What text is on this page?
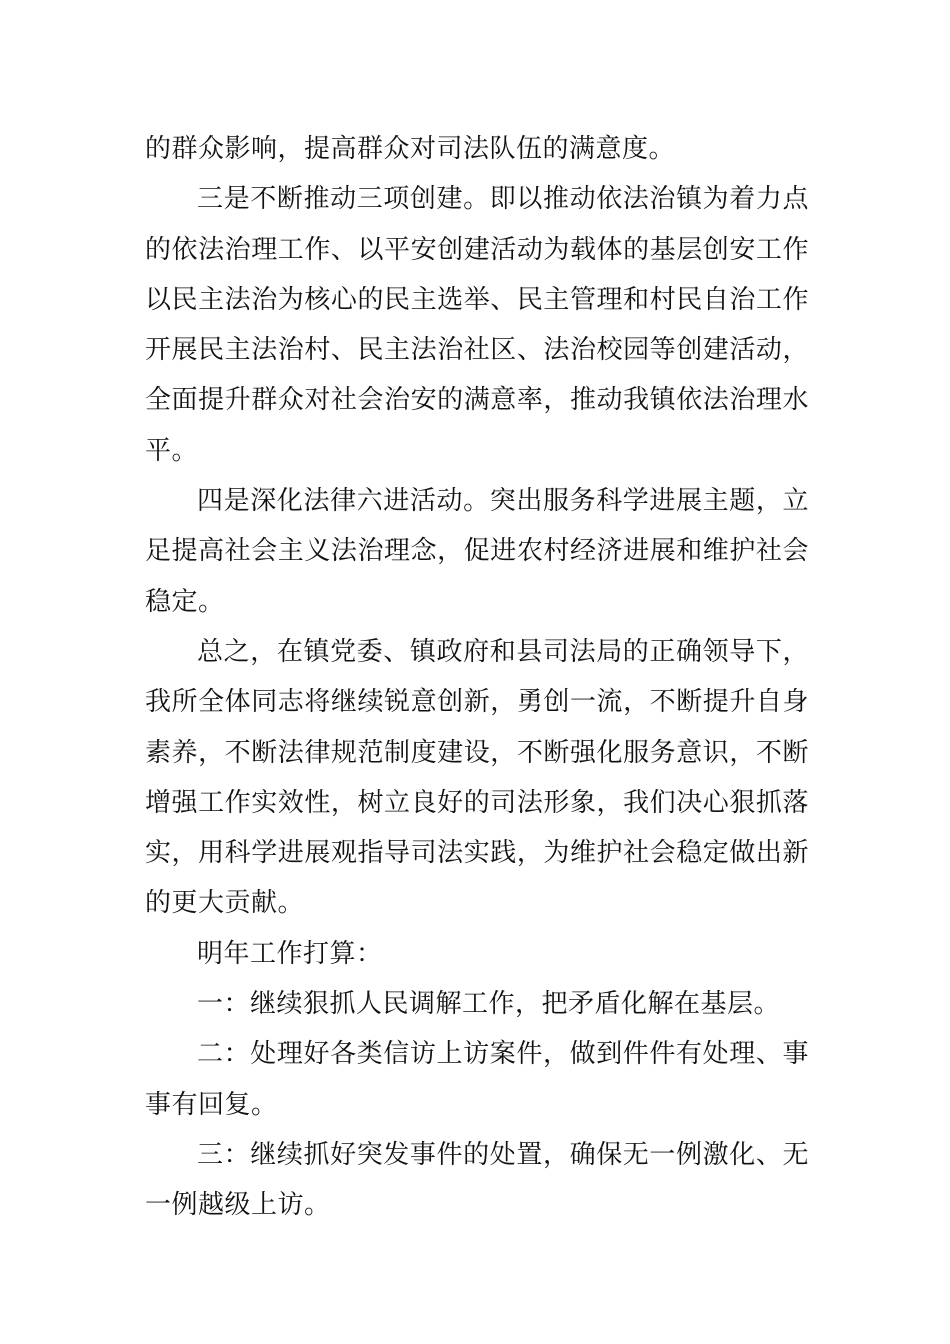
的群众影响，提高群众对司法队伍的满意度。

三是不断推动三项创建。即以推动依法治镇为着力点的依法治理工作、以平安创建活动为载体的基层创安工作以民主法治为核心的民主选举、民主管理和村民自治工作开展民主法治村、民主法治社区、法治校园等创建活动，全面提升群众对社会治安的满意率，推动我镇依法治理水平。

四是深化法律六进活动。突出服务科学进展主题，立足提高社会主义法治理念，促进农村经济进展和维护社会稳定。

总之，在镇党委、镇政府和县司法局的正确领导下，我所全体同志将继续锐意创新，勇创一流，不断提升自身素养，不断法律规范制度建设，不断强化服务意识，不断增强工作实效性，树立良好的司法形象，我们决心狠抓落实，用科学进展观指导司法实践，为维护社会稳定做出新的更大贡献。

明年工作打算：

一：继续狠抓人民调解工作，把矛盾化解在基层。

二：处理好各类信访上访案件，做到件件有处理、事事有回复。

三：继续抓好突发事件的处置，确保无一例激化、无一例越级上访。
